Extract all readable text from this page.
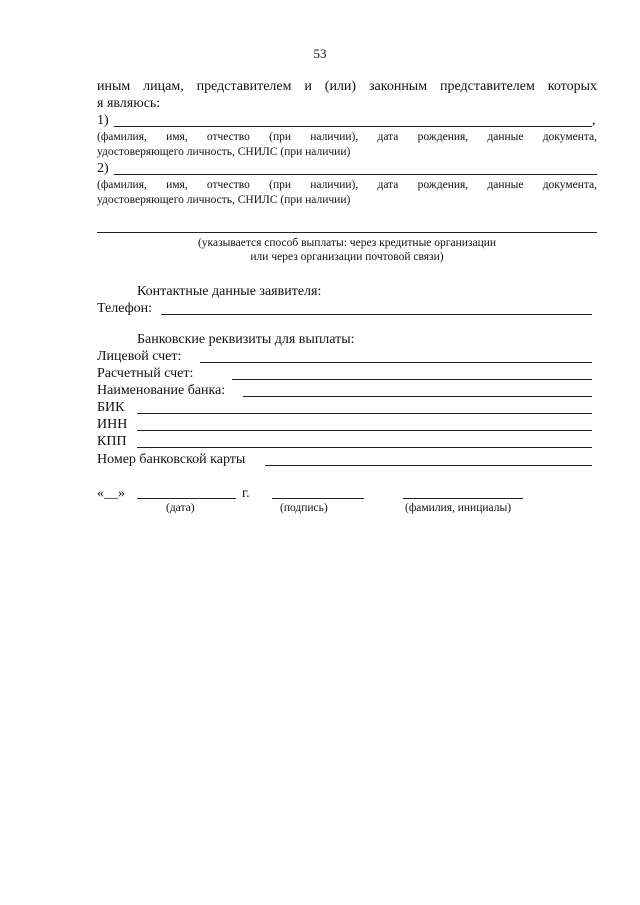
53
иным лицам, представителем и (или) законным представителем которых
я являюсь:
1)	,
(фамилия, имя, отчество (при наличии), дата рождения, данные документа,
удостоверяющего личность, СНИЛС (при наличии)
2)
(фамилия, имя, отчество (при наличии), дата рождения, данные документа,
удостоверяющего личность, СНИЛС (при наличии)
(указывается способ выплаты: через кредитные организации
или через организации почтовой связи)
Контактные данные заявителя:
Телефон:
Банковские реквизиты для выплаты:
Лицевой счет:
Расчетный счет:
Наименование банка:
БИК
ИНН
КПП
Номер банковской карты
«__»	г.
(дата)	(подпись)	(фамилия, инициалы)
